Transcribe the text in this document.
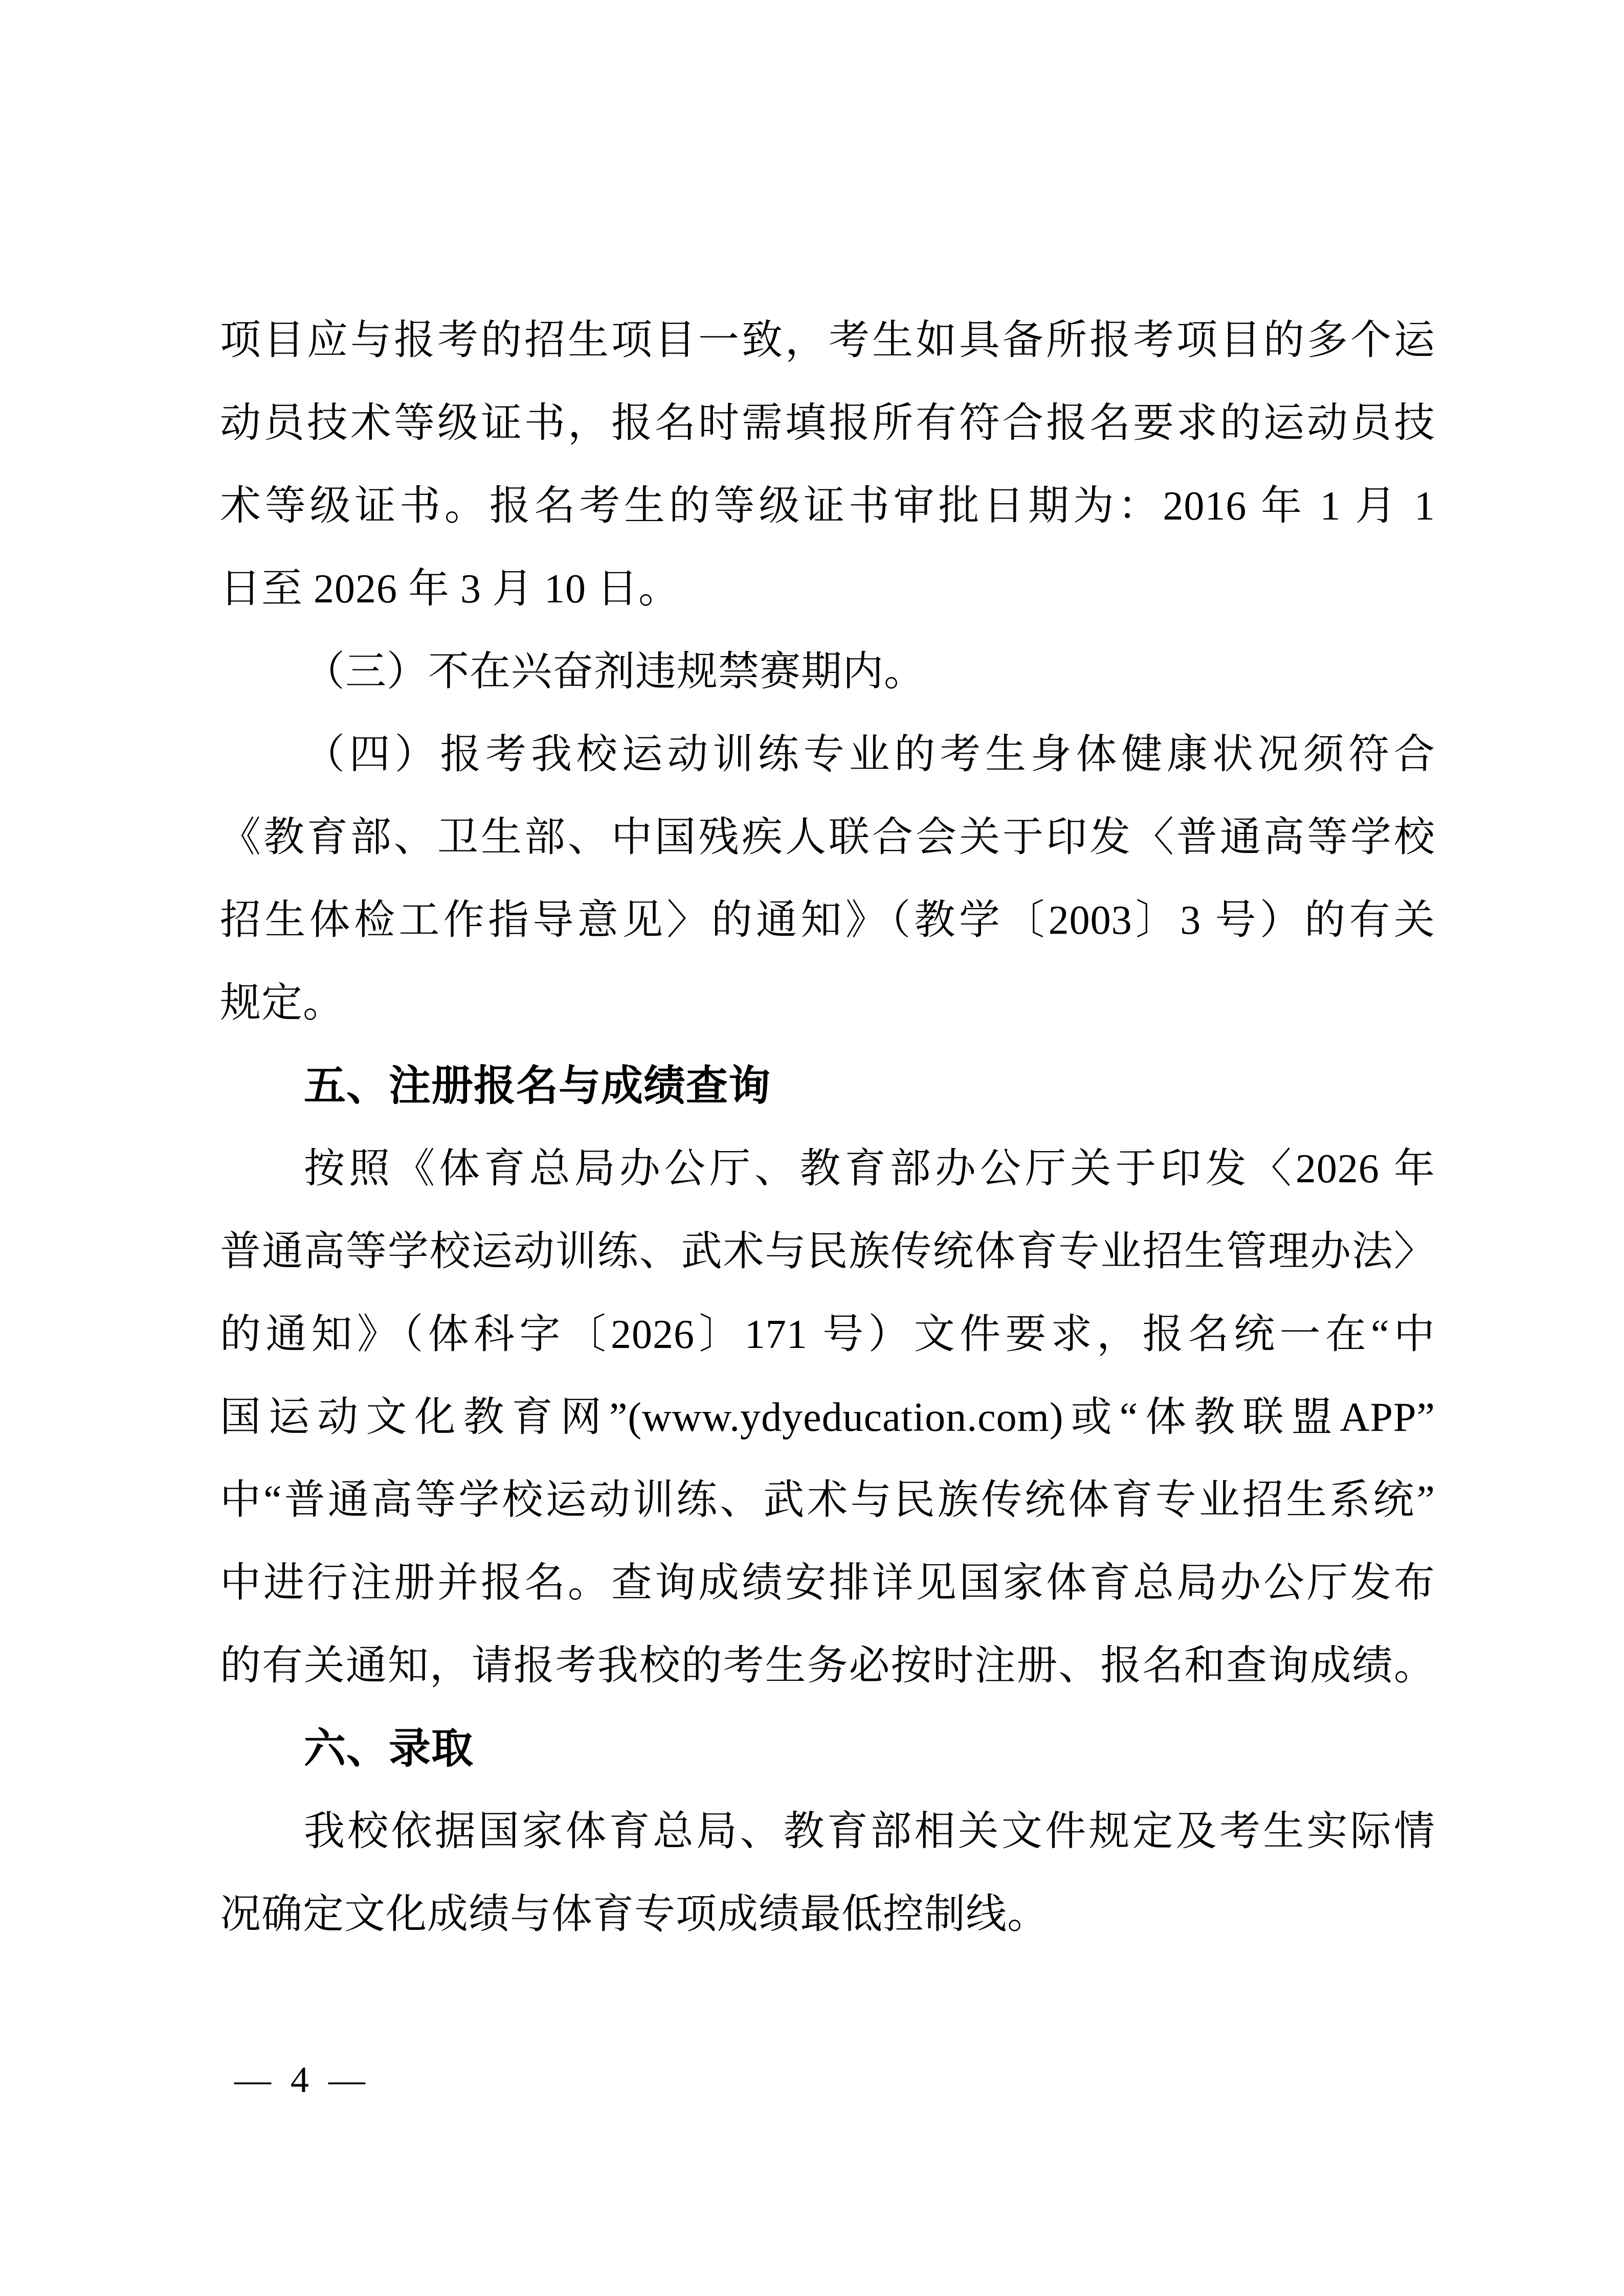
项目应与报考的招生项目一致，考生如具备所报考项目的多个运
动员技术等级证书，报名时需填报所有符合报名要求的运动员技
术等级证书。报名考生的等级证书审批日期为：2016 年 1 月 1
日至 2026 年 3 月 10 日。
（三）不在兴奋剂违规禁赛期内。
（四）报考我校运动训练专业的考生身体健康状况须符合
《教育部、卫生部、中国残疾人联合会关于印发〈普通高等学校
招生体检工作指导意见〉的通知》（教学〔2003〕3 号）的有关
规定。
五、注册报名与成绩查询
按照《体育总局办公厅、教育部办公厅关于印发〈2026 年
普通高等学校运动训练、武术与民族传统体育专业招生管理办法〉
的通知》（体科字〔2026〕171 号）文件要求，报名统一在“中
国运动文化教育网”(www.ydyeducation.com)或“体教联盟APP”
中“普通高等学校运动训练、武术与民族传统体育专业招生系统”
中进行注册并报名。查询成绩安排详见国家体育总局办公厅发布
的有关通知，请报考我校的考生务必按时注册、报名和查询成绩。
六、录取
我校依据国家体育总局、教育部相关文件规定及考生实际情
况确定文化成绩与体育专项成绩最低控制线。
— 4 —
